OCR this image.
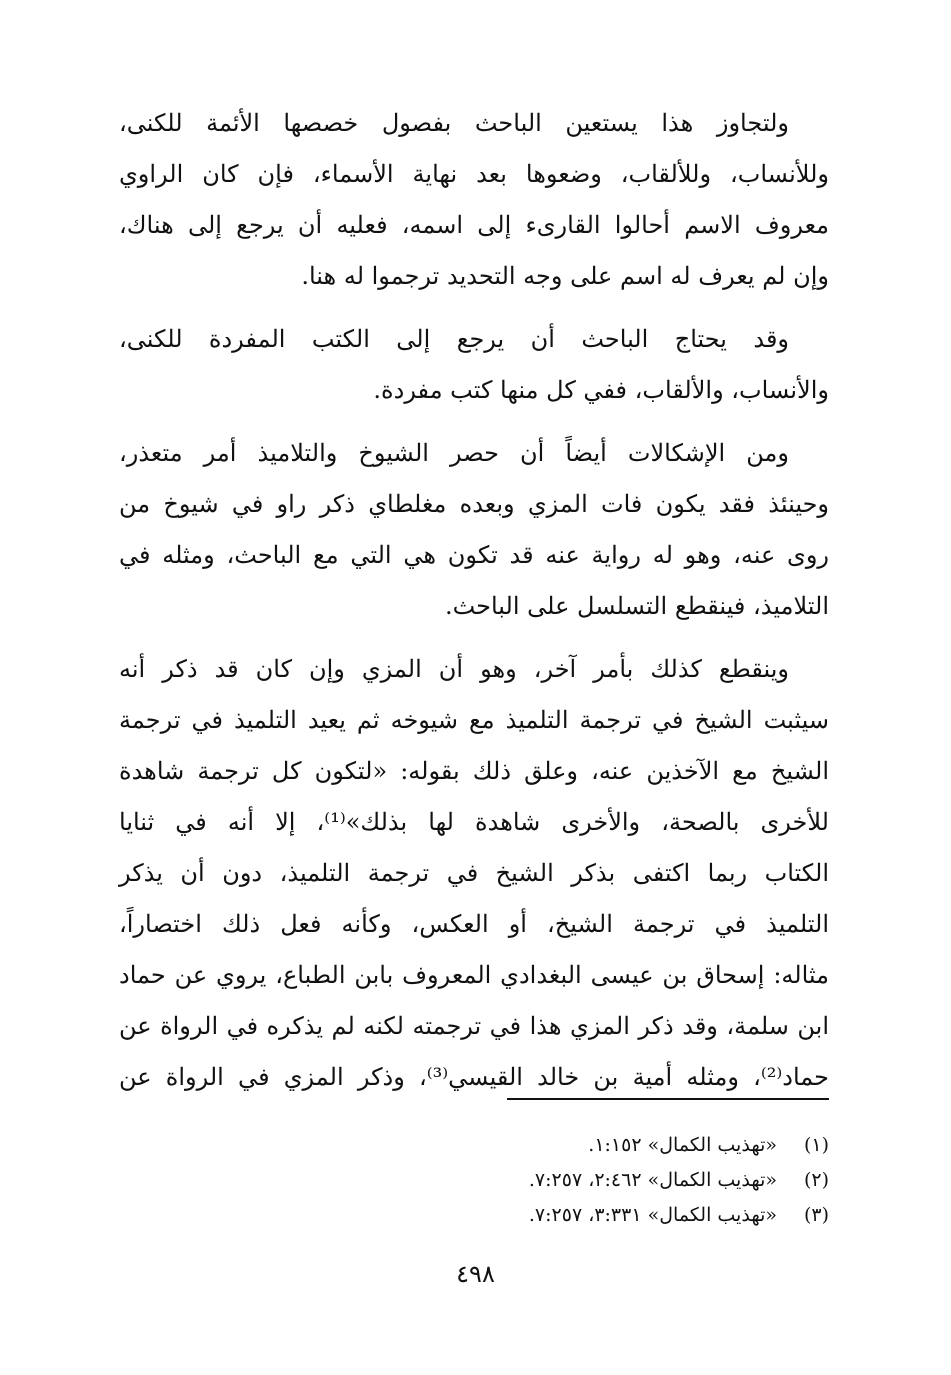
ولتجاوز هذا يستعين الباحث بفصول خصصها الأئمة للكنى،
وللأنساب، وللألقاب، وضعوها بعد نهاية الأسماء، فإن كان الراوي
معروف الاسم أحالوا القارىء إلى اسمه، فعليه أن يرجع إلى هناك،
وإن لم يعرف له اسم على وجه التحديد ترجموا له هنا.
وقد يحتاج الباحث أن يرجع إلى الكتب المفردة للكنى،
والأنساب، والألقاب، ففي كل منها كتب مفردة.
ومن الإشكالات أيضاً أن حصر الشيوخ والتلاميذ أمر متعذر،
وحينئذ فقد يكون فات المزي وبعده مغلطاي ذكر راو في شيوخ من
روى عنه، وهو له رواية عنه قد تكون هي التي مع الباحث، ومثله في
التلاميذ، فينقطع التسلسل على الباحث.
وينقطع كذلك بأمر آخر، وهو أن المزي وإن كان قد ذكر أنه
سيثبت الشيخ في ترجمة التلميذ مع شيوخه ثم يعيد التلميذ في ترجمة
الشيخ مع الآخذين عنه، وعلق ذلك بقوله: «لتكون كل ترجمة شاهدة
للأخرى بالصحة، والأخرى شاهدة لها بذلك»⁽¹⁾، إلا أنه في ثنايا
الكتاب ربما اكتفى بذكر الشيخ في ترجمة التلميذ، دون أن يذكر
التلميذ في ترجمة الشيخ، أو العكس، وكأنه فعل ذلك اختصاراً،
مثاله: إسحاق بن عيسى البغدادي المعروف بابن الطباع، يروي عن حماد
ابن سلمة، وقد ذكر المزي هذا في ترجمته لكنه لم يذكره في الرواة عن
حماد⁽²⁾، ومثله أمية بن خالد القيسي⁽³⁾، وذكر المزي في الرواة عن
(١)«تهذيب الكمال» ١:١٥٢.
(٢)«تهذيب الكمال» ٢:٤٦٢، ٧:٢٥٧.
(٣)«تهذيب الكمال» ٣:٣٣١، ٧:٢٥٧.
٤٩٨
